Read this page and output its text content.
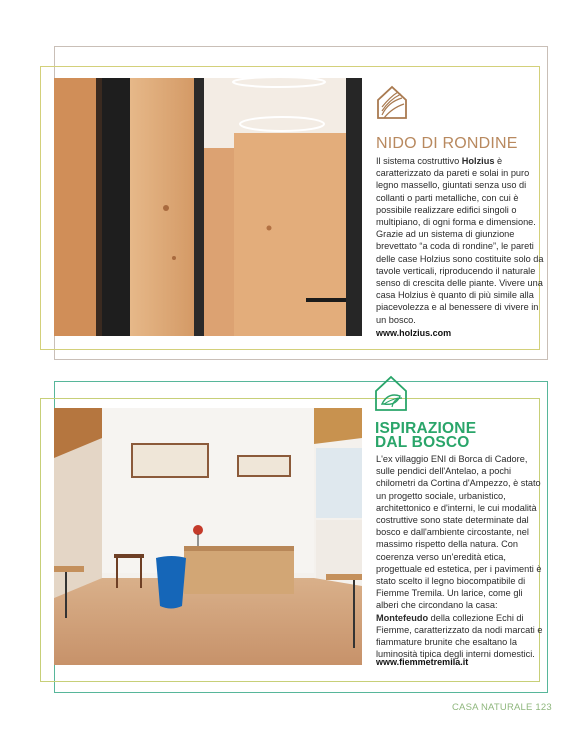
NIDO DI RONDINE
Il sistema costruttivo Holzius è caratterizzato da pareti e solai in puro legno massello, giuntati senza uso di collanti o parti metalliche, con cui è possibile realizzare edifici singoli o multipiano, di ogni forma e dimensione. Grazie ad un sistema di giunzione brevettato “a coda di rondine”, le pareti delle case Holzius sono costituite solo da tavole verticali, riproducendo il naturale senso di crescita delle piante. Vivere una casa Holzius è quanto di più simile alla piacevolezza e al benessere di vivere in un bosco.
www.holzius.com
ISPIRAZIONE
DAL BOSCO
L'ex villaggio ENI di Borca di Cadore, sulle pendici dell'Antelao, a pochi chilometri da Cortina d'Ampezzo, è stato un progetto sociale, urbanistico, architettonico e d'interni, le cui modalità costruttive sono state determinate dal bosco e dall'ambiente circostante, nel massimo rispetto della natura. Con coerenza verso un'eredità etica, progettuale ed estetica, per i pavimenti è stato scelto il legno biocompatibile di Fiemme Tremila. Un larice, come gli alberi che circondano la casa: Montefeudo della collezione Echi di Fiemme, caratterizzato da nodi marcati e fiammature brunite che esaltano la luminosità tipica degli interni domestici.
www.fiemmetremila.it
CASA NATURALE 123
